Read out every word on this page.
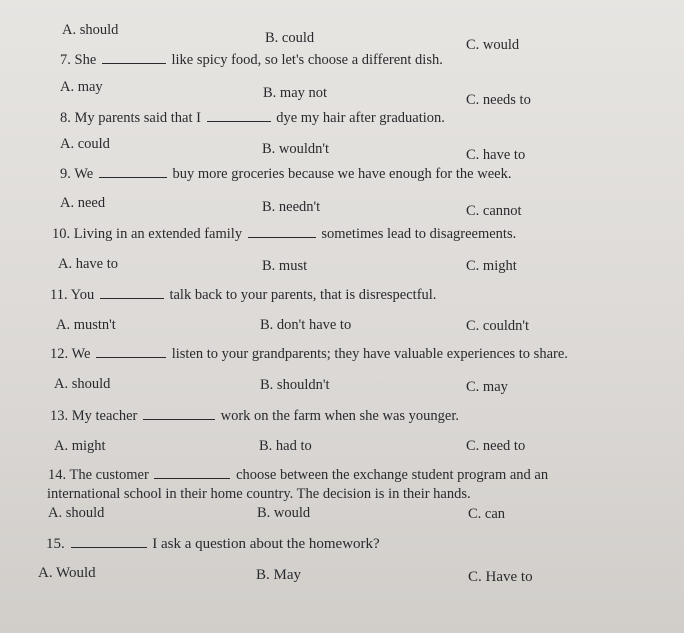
A. should	B. could	C. would
7. She	like spicy food, so let's choose a different dish.
A. may	B. may not	C. needs to
8. My parents said that I	dye my hair after graduation.
A. could	B. wouldn't	C. have to
9. We	buy more groceries because we have enough for the week.
A. need	B. needn't	C. cannot
10. Living in an extended family	sometimes lead to disagreements.
A. have to	B. must	C. might
11. You	talk back to your parents, that is disrespectful.
A. mustn't	B. don't have to	C. couldn't
12. We	listen to your grandparents; they have valuable experiences to share.
A. should	B. shouldn't	C. may
13. My teacher	work on the farm when she was younger.
A. might	B. had to	C. need to
14. The customer	choose between the exchange student program and an
international school in their home country. The decision is in their hands.
A. should	B. would	C. can
15.	I ask a question about the homework?
A. Would	B. May	C. Have to
